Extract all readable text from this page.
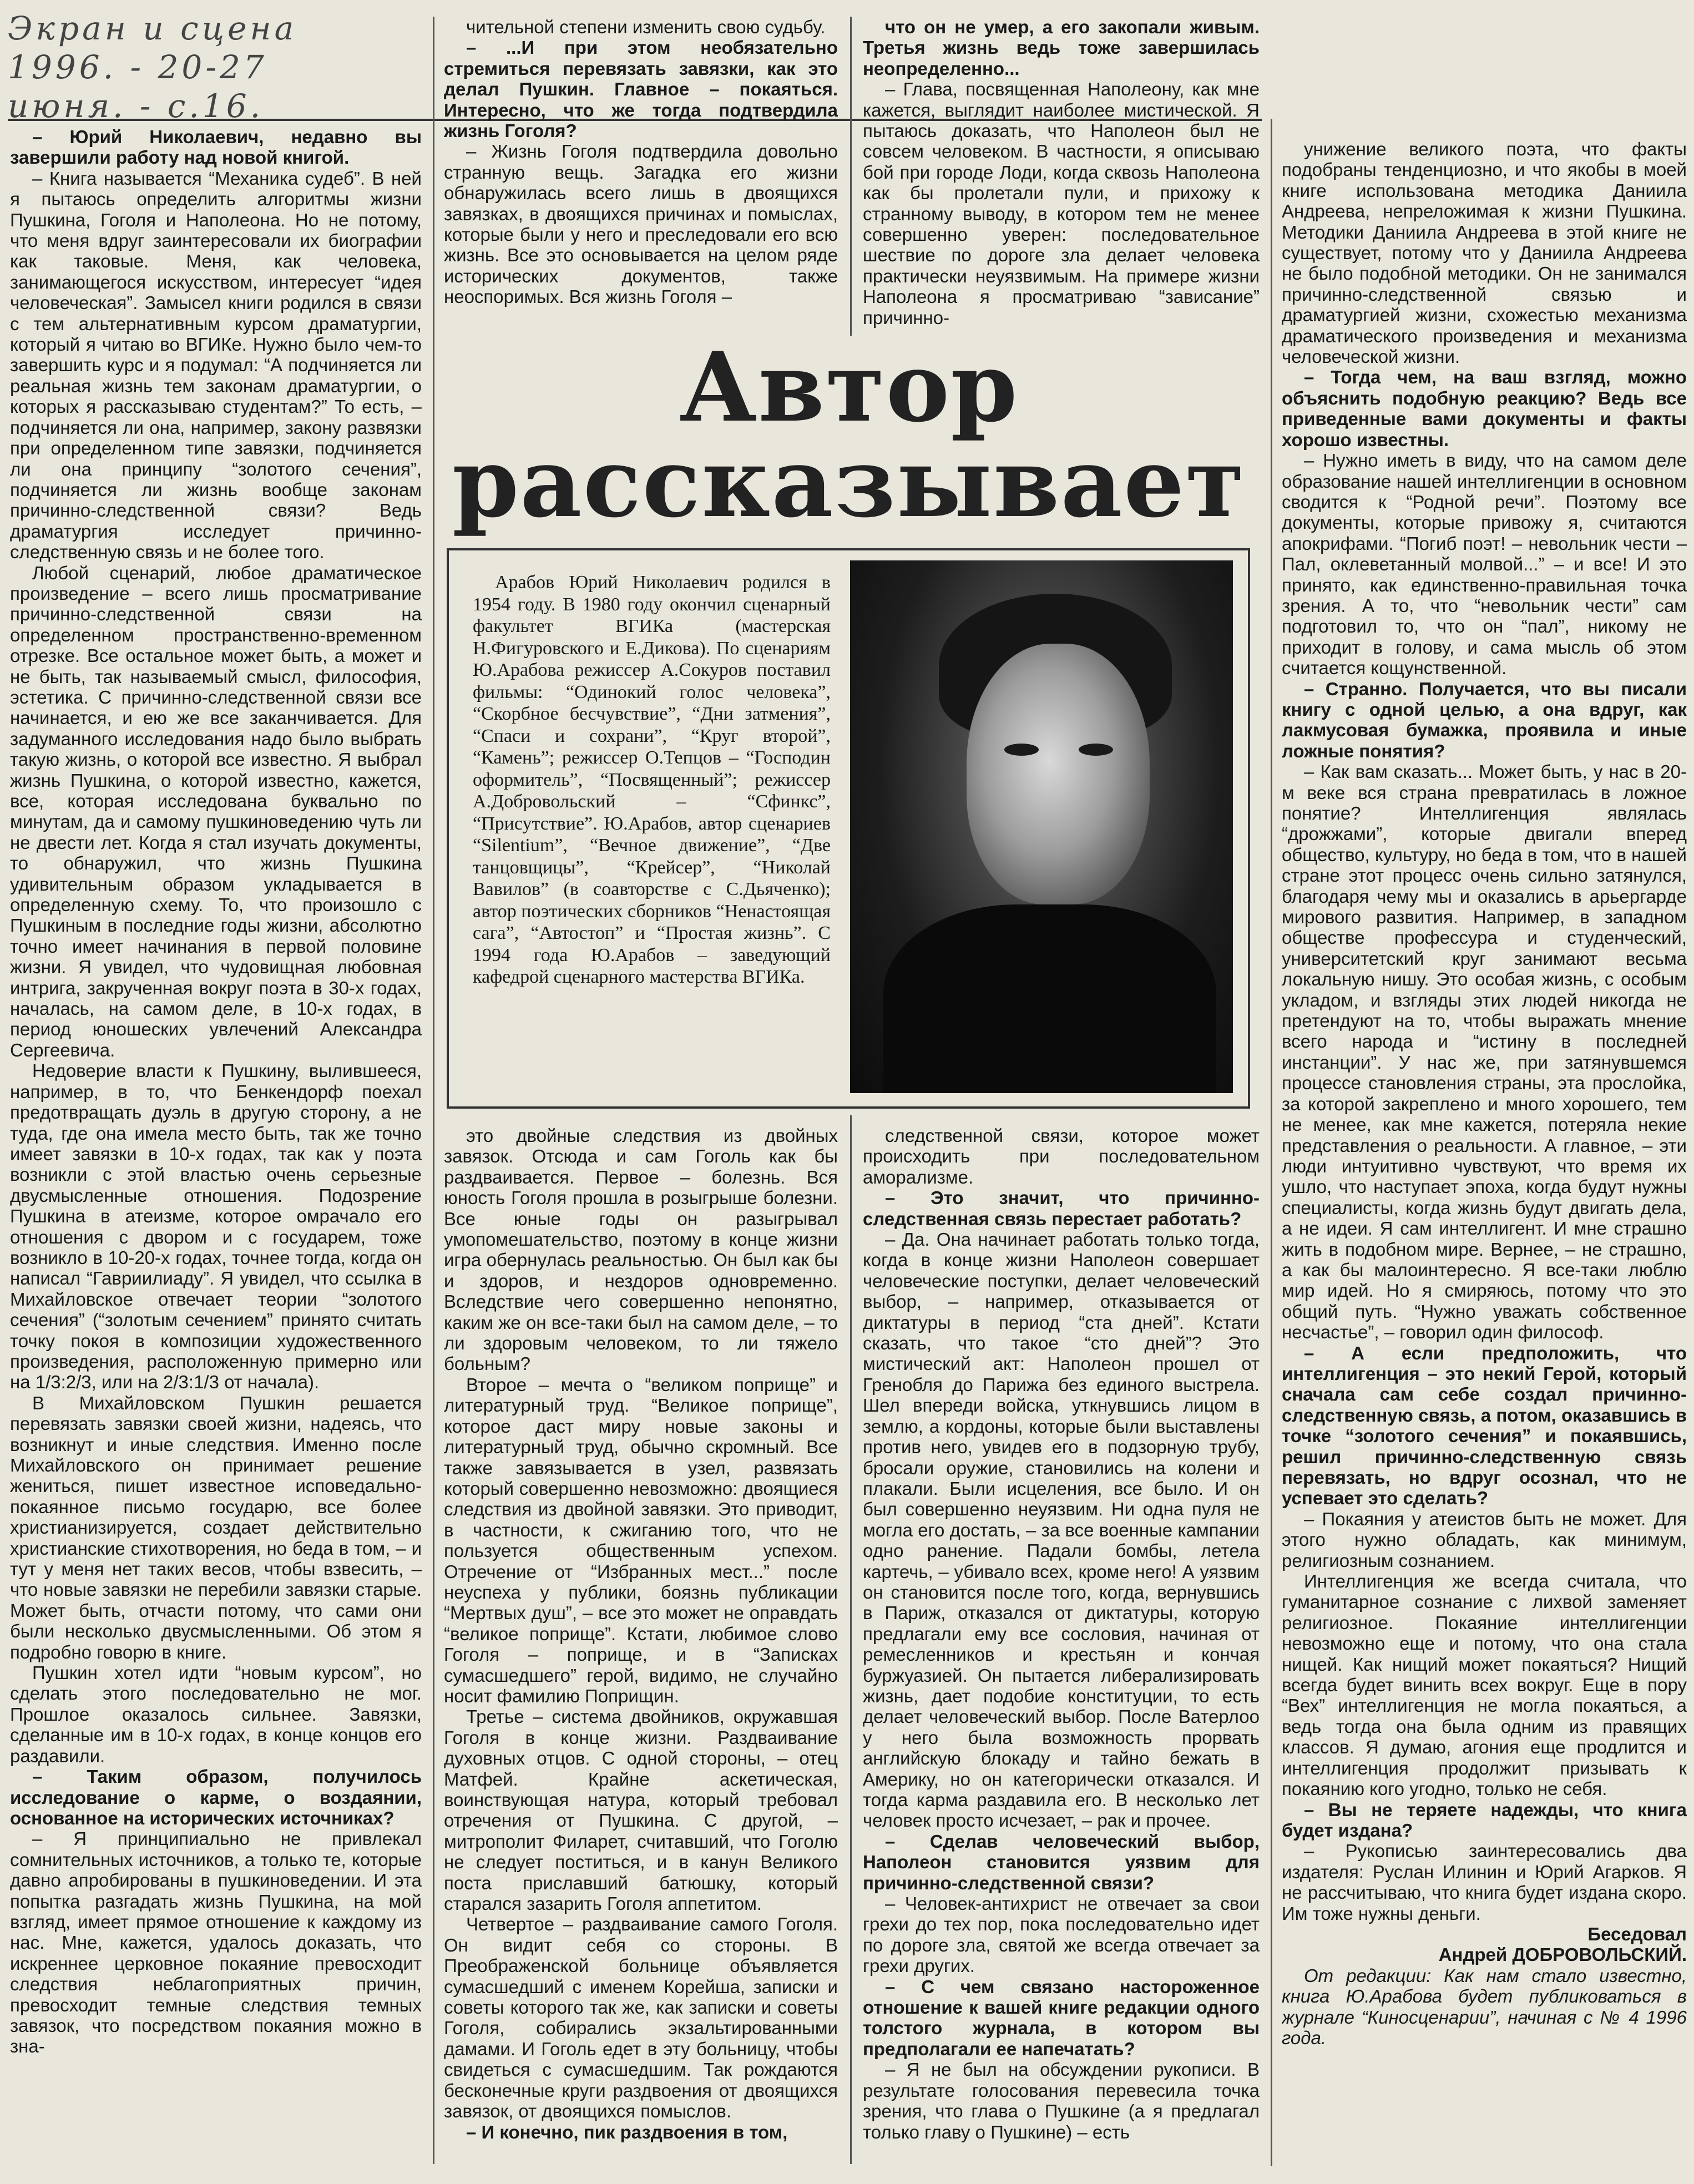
Экран и сцена
1996. - 20-27
июня. - с.16.

– Юрий Николаевич, недавно вы завершили работу над новой книгой.

– Книга называется “Механика судеб”. В ней я пытаюсь определить алгоритмы жизни Пушкина, Гоголя и Наполеона. Но не потому, что меня вдруг заинтересовали их биографии как таковые. Меня, как человека, занимающегося искусством, интересует “идея человеческая”. Замысел книги родился в связи с тем альтернативным курсом драматургии, который я читаю во ВГИКе. Нужно было чем-то завершить курс и я подумал: “А подчиняется ли реальная жизнь тем законам драматургии, о которых я рассказываю студентам?” То есть, – подчиняется ли она, например, закону развязки при определенном типе завязки, подчиняется ли она принципу “золотого сечения”, подчиняется ли жизнь вообще законам причинно-следственной связи? Ведь драматургия исследует причинно-следственную связь и не более того.

Любой сценарий, любое драматическое произведение – всего лишь просматривание причинно-следственной связи на определенном пространственно-временном отрезке. Все остальное может быть, а может и не быть, так называемый смысл, философия, эстетика. С причинно-следственной связи все начинается, и ею же все заканчивается. Для задуманного исследования надо было выбрать такую жизнь, о которой все известно. Я выбрал жизнь Пушкина, о которой известно, кажется, все, которая исследована буквально по минутам, да и самому пушкиноведению чуть ли не двести лет. Когда я стал изучать документы, то обнаружил, что жизнь Пушкина удивительным образом укладывается в определенную схему. То, что произошло с Пушкиным в последние годы жизни, абсолютно точно имеет начинания в первой половине жизни. Я увидел, что чудовищная любовная интрига, закрученная вокруг поэта в 30-х годах, началась, на самом деле, в 10-х годах, в период юношеских увлечений Александра Сергеевича.

Недоверие власти к Пушкину, вылившееся, например, в то, что Бенкендорф поехал предотвращать дуэль в другую сторону, а не туда, где она имела место быть, так же точно имеет завязки в 10-х годах, так как у поэта возникли с этой властью очень серьезные двусмысленные отношения. Подозрение Пушкина в атеизме, которое омрачало его отношения с двором и с государем, тоже возникло в 10-20-х годах, точнее тогда, когда он написал “Гавриилиаду”. Я увидел, что ссылка в Михайловское отвечает теории “золотого сечения” (“золотым сечением” принято считать точку покоя в композиции художественного произведения, расположенную примерно или на 1/3:2/3, или на 2/3:1/3 от начала).

В Михайловском Пушкин решается перевязать завязки своей жизни, надеясь, что возникнут и иные следствия. Именно после Михайловского он принимает решение жениться, пишет известное исповедально-покаянное письмо государю, все более христианизируется, создает действительно христианские стихотворения, но беда в том, – и тут у меня нет таких весов, чтобы взвесить, – что новые завязки не перебили завязки старые. Может быть, отчасти потому, что сами они были несколько двусмысленными. Об этом я подробно говорю в книге.

Пушкин хотел идти “новым курсом”, но сделать этого последовательно не мог. Прошлое оказалось сильнее. Завязки, сделанные им в 10-х годах, в конце концов его раздавили.

– Таким образом, получилось исследование о карме, о воздаянии, основанное на исторических источниках?

– Я принципиально не привлекал сомнительных источников, а только те, которые давно апробированы в пушкиноведении. И эта попытка разгадать жизнь Пушкина, на мой взгляд, имеет прямое отношение к каждому из нас. Мне, кажется, удалось доказать, что искреннее церковное покаяние превосходит следствия неблагоприятных причин, превосходит темные следствия темных завязок, что посредством покаяния можно в зна-

чительной степени изменить свою судьбу.

– ...И при этом необязательно стремиться перевязать завязки, как это делал Пушкин. Главное – покаяться. Интересно, что же тогда подтвердила жизнь Гоголя?

– Жизнь Гоголя подтвердила довольно странную вещь. Загадка его жизни обнаружилась всего лишь в двоящихся завязках, в двоящихся причинах и помыслах, которые были у него и преследовали его всю жизнь. Все это основывается на целом ряде исторических документов, также неоспоримых. Вся жизнь Гоголя –

что он не умер, а его закопали живым. Третья жизнь ведь тоже завершилась неопределенно...

– Глава, посвященная Наполеону, как мне кажется, выглядит наиболее мистической. Я пытаюсь доказать, что Наполеон был не совсем человеком. В частности, я описываю бой при городе Лоди, когда сквозь Наполеона как бы пролетали пули, и прихожу к странному выводу, в котором тем не менее совершенно уверен: последовательное шествие по дороге зла делает человека практически неуязвимым. На примере жизни Наполеона я просматриваю “зависание” причинно-

Автор
рассказывает

Арабов Юрий Николаевич родился в 1954 году. В 1980 году окончил сценарный факультет ВГИКа (мастерская Н.Фигуровского и Е.Дикова). По сценариям Ю.Арабова режиссер А.Сокуров поставил фильмы: “Одинокий голос человека”, “Скорбное бесчувствие”, “Дни затмения”, “Спаси и сохрани”, “Круг второй”, “Камень”; режиссер О.Тепцов – “Господин оформитель”, “Посвященный”; режиссер А.Добровольский – “Сфинкс”, “Присутствие”. Ю.Арабов, автор сценариев “Silentium”, “Вечное движение”, “Две танцовщицы”, “Крейсер”, “Николай Вавилов” (в соавторстве с С.Дьяченко); автор поэтических сборников “Ненастоящая сага”, “Автостоп” и “Простая жизнь”. С 1994 года Ю.Арабов – заведующий кафедрой сценарного мастерства ВГИКа.

это двойные следствия из двойных завязок. Отсюда и сам Гоголь как бы раздваивается. Первое – болезнь. Вся юность Гоголя прошла в розыгрыше болезни. Все юные годы он разыгрывал умопомешательство, поэтому в конце жизни игра обернулась реальностью. Он был как бы и здоров, и нездоров одновременно. Вследствие чего совершенно непонятно, каким же он все-таки был на самом деле, – то ли здоровым человеком, то ли тяжело больным?

Второе – мечта о “великом поприще” и литературный труд. “Великое поприще”, которое даст миру новые законы и литературный труд, обычно скромный. Все также завязывается в узел, развязать который совершенно невозможно: двоящиеся следствия из двойной завязки. Это приводит, в частности, к сжиганию того, что не пользуется общественным успехом. Отречение от “Избранных мест...” после неуспеха у публики, боязнь публикации “Мертвых душ”, – все это может не оправдать “великое поприще”. Кстати, любимое слово Гоголя – поприще, и в “Записках сумасшедшего” герой, видимо, не случайно носит фамилию Поприщин.

Третье – система двойников, окружавшая Гоголя в конце жизни. Раздваивание духовных отцов. С одной стороны, – отец Матфей. Крайне аскетическая, воинствующая натура, который требовал отречения от Пушкина. С другой, – митрополит Филарет, считавший, что Гоголю не следует поститься, и в канун Великого поста приславший батюшку, который старался зазарить Гоголя аппетитом.

Четвертое – раздваивание самого Гоголя. Он видит себя со стороны. В Преображенской больнице объявляется сумасшедший с именем Корейша, записки и советы которого так же, как записки и советы Гоголя, собирались экзальтированными дамами. И Гоголь едет в эту больницу, чтобы свидеться с сумасшедшим. Так рождаются бесконечные круги раздвоения от двоящихся завязок, от двоящихся помыслов.

– И конечно, пик раздвоения в том,

следственной связи, которое может происходить при последовательном аморализме.

– Это значит, что причинно-следственная связь перестает работать?

– Да. Она начинает работать только тогда, когда в конце жизни Наполеон совершает человеческие поступки, делает человеческий выбор, – например, отказывается от диктатуры в период “ста дней”. Кстати сказать, что такое “сто дней”? Это мистический акт: Наполеон прошел от Гренобля до Парижа без единого выстрела. Шел впереди войска, уткнувшись лицом в землю, а кордоны, которые были выставлены против него, увидев его в подзорную трубу, бросали оружие, становились на колени и плакали. Были исцеления, все было. И он был совершенно неуязвим. Ни одна пуля не могла его достать, – за все военные кампании одно ранение. Падали бомбы, летела картечь, – убивало всех, кроме него! А уязвим он становится после того, когда, вернувшись в Париж, отказался от диктатуры, которую предлагали ему все сословия, начиная от ремесленников и крестьян и кончая буржуазией. Он пытается либерализировать жизнь, дает подобие конституции, то есть делает человеческий выбор. После Ватерлоо у него была возможность прорвать английскую блокаду и тайно бежать в Америку, но он категорически отказался. И тогда карма раздавила его. В несколько лет человек просто исчезает, – рак и прочее.

– Сделав человеческий выбор, Наполеон становится уязвим для причинно-следственной связи?

– Человек-антихрист не отвечает за свои грехи до тех пор, пока последовательно идет по дороге зла, святой же всегда отвечает за грехи других.

– С чем связано настороженное отношение к вашей книге редакции одного толстого журнала, в котором вы предполагали ее напечатать?

– Я не был на обсуждении рукописи. В результате голосования перевесила точка зрения, что глава о Пушкине (а я предлагал только главу о Пушкине) – есть

унижение великого поэта, что факты подобраны тенденциозно, и что якобы в моей книге использована методика Даниила Андреева, непреложимая к жизни Пушкина. Методики Даниила Андреева в этой книге не существует, потому что у Даниила Андреева не было подобной методики. Он не занимался причинно-следственной связью и драматургией жизни, схожестью механизма драматического произведения и механизма человеческой жизни.

– Тогда чем, на ваш взгляд, можно объяснить подобную реакцию? Ведь все приведенные вами документы и факты хорошо известны.

– Нужно иметь в виду, что на самом деле образование нашей интеллигенции в основном сводится к “Родной речи”. Поэтому все документы, которые привожу я, считаются апокрифами. “Погиб поэт! – невольник чести – Пал, оклеветанный молвой...” – и все! И это принято, как единственно-правильная точка зрения. А то, что “невольник чести” сам подготовил то, что он “пал”, никому не приходит в голову, и сама мысль об этом считается кощунственной.

– Странно. Получается, что вы писали книгу с одной целью, а она вдруг, как лакмусовая бумажка, проявила и иные ложные понятия?

– Как вам сказать... Может быть, у нас в 20-м веке вся страна превратилась в ложное понятие? Интеллигенция являлась “дрожжами”, которые двигали вперед общество, культуру, но беда в том, что в нашей стране этот процесс очень сильно затянулся, благодаря чему мы и оказались в арьергарде мирового развития. Например, в западном обществе профессура и студенческий, университетский круг занимают весьма локальную нишу. Это особая жизнь, с особым укладом, и взгляды этих людей никогда не претендуют на то, чтобы выражать мнение всего народа и “истину в последней инстанции”. У нас же, при затянувшемся процессе становления страны, эта прослойка, за которой закреплено и много хорошего, тем не менее, как мне кажется, потеряла некие представления о реальности. А главное, – эти люди интуитивно чувствуют, что время их ушло, что наступает эпоха, когда будут нужны специалисты, когда жизнь будут двигать дела, а не идеи. Я сам интеллигент. И мне страшно жить в подобном мире. Вернее, – не страшно, а как бы малоинтересно. Я все-таки люблю мир идей. Но я смиряюсь, потому что это общий путь. “Нужно уважать собственное несчастье”, – говорил один философ.

– А если предположить, что интеллигенция – это некий Герой, который сначала сам себе создал причинно-следственную связь, а потом, оказавшись в точке “золотого сечения” и покаявшись, решил причинно-следственную связь перевязать, но вдруг осознал, что не успевает это сделать?

– Покаяния у атеистов быть не может. Для этого нужно обладать, как минимум, религиозным сознанием.

Интеллигенция же всегда считала, что гуманитарное сознание с лихвой заменяет религиозное. Покаяние интеллигенции невозможно еще и потому, что она стала нищей. Как нищий может покаяться? Нищий всегда будет винить всех вокруг. Еще в пору “Вех” интеллигенция не могла покаяться, а ведь тогда она была одним из правящих классов. Я думаю, агония еще продлится и интеллигенция продолжит призывать к покаянию кого угодно, только не себя.

– Вы не теряете надежды, что книга будет издана?

– Рукописью заинтересовались два издателя: Руслан Илинин и Юрий Агарков. Я не рассчитываю, что книга будет издана скоро. Им тоже нужны деньги.

Беседовал

Андрей ДОБРОВОЛЬСКИЙ.

От редакции: Как нам стало известно, книга Ю.Арабова будет публиковаться в журнале “Киносценарии”, начиная с № 4 1996 года.
